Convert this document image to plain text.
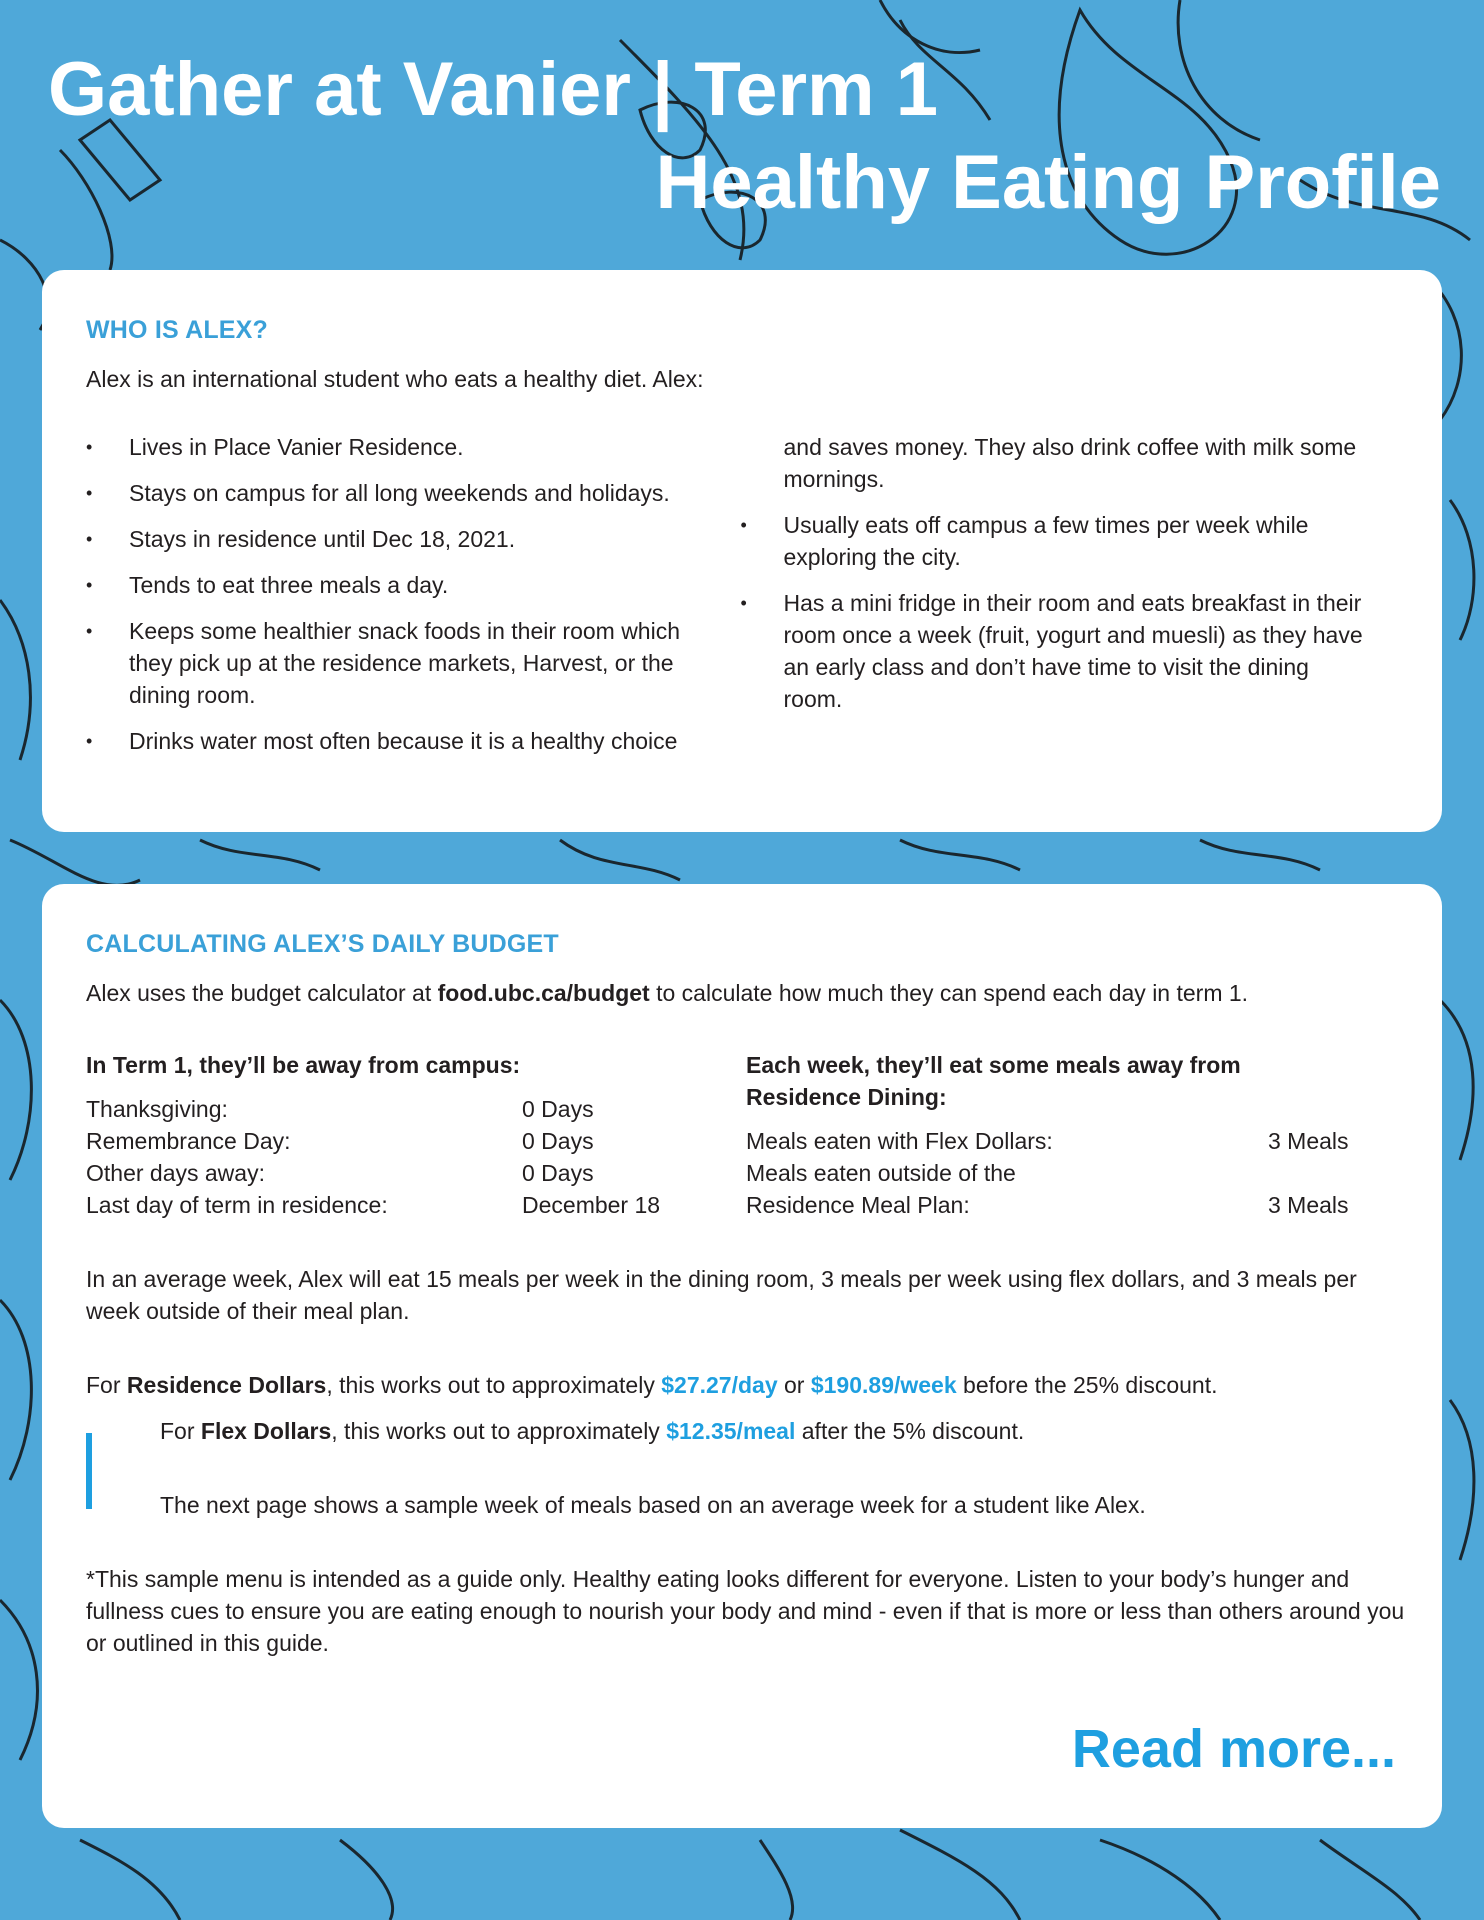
Gather at Vanier | Term 1
Healthy Eating Profile
WHO IS ALEX?

Alex is an international student who eats a healthy diet. Alex:

• Lives in Place Vanier Residence.
• Stays on campus for all long weekends and holidays.
• Stays in residence until Dec 18, 2021.
• Tends to eat three meals a day.
• Keeps some healthier snack foods in their room which they pick up at the residence markets, Harvest, or the dining room.
• Drinks water most often because it is a healthy choice
and saves money. They also drink coffee with milk some mornings.
• Usually eats off campus a few times per week while exploring the city.
• Has a mini fridge in their room and eats breakfast in their room once a week (fruit, yogurt and muesli) as they have an early class and don’t have time to visit the dining room.
CALCULATING ALEX’S DAILY BUDGET

Alex uses the budget calculator at food.ubc.ca/budget to calculate how much they can spend each day in term 1.

In Term 1, they’ll be away from campus:

Thanksgiving:	0 Days
Remembrance Day:	0 Days
Other days away:	0 Days
Last day of term in residence:	December 18

Each week, they’ll eat some meals away from Residence Dining:

Meals eaten with Flex Dollars:	3 Meals
Meals eaten outside of the
Residence Meal Plan:	3 Meals

In an average week, Alex will eat 15 meals per week in the dining room, 3 meals per week using flex dollars, and 3 meals per week outside of their meal plan.

For Residence Dollars, this works out to approximately $27.27/day or $190.89/week before the 25% discount.

For Flex Dollars, this works out to approximately $12.35/meal after the 5% discount.

The next page shows a sample week of meals based on an average week for a student like Alex.

*This sample menu is intended as a guide only. Healthy eating looks different for everyone. Listen to your body’s hunger and fullness cues to ensure you are eating enough to nourish your body and mind - even if that is more or less than others around you or outlined in this guide.

Read more...
